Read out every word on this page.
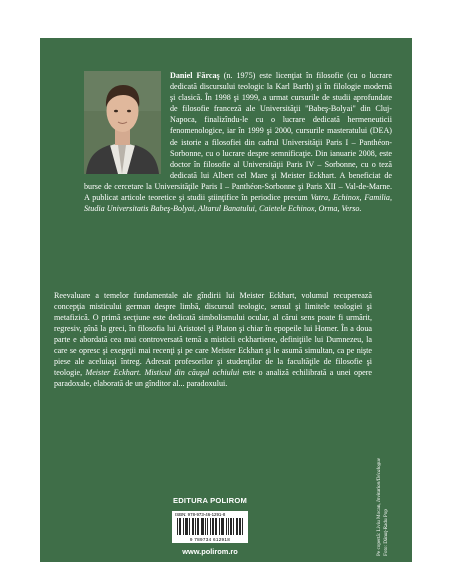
Daniel Fărcaş (n. 1975) este licenţiat în filosofie (cu o lucrare dedicată discursului teologic la Karl Barth) şi în filologie modernă şi clasică. În 1998 şi 1999, a urmat cursurile de studii aprofundate de filosofie franceză ale Universităţii "Babeş-Bolyai" din Cluj-Napoca, finalizîndu-le cu o lucrare dedicată hermeneuticii fenomenologice, iar în 1999 şi 2000, cursurile masteratului (DEA) de istorie a filosofiei din cadrul Universităţii Paris I – Panthéon-Sorbonne, cu o lucrare despre semnificaţie. Din ianuarie 2008, este doctor în filosofie al Universităţii Paris IV – Sorbonne, cu o teză dedicată lui Albert cel Mare şi Meister Eckhart. A beneficiat de burse de cercetare la Universităţile Paris I – Panthéon-Sorbonne şi Paris XII – Val-de-Marne. A publicat articole teoretice şi studii ştiinţifice în periodice precum Vatra, Echinox, Familia, Studia Universitatis Babeş-Bolyai, Altarul Banatului, Caietele Echinox, Orma, Verso.

Reevaluare a temelor fundamentale ale gîndirii lui Meister Eckhart, volumul recuperează concepţia misticului german despre limbă, discursul teologic, sensul şi limitele teologiei şi metafizică. O primă secţiune este dedicată simbolismului ocular, al cărui sens poate fi urmărit, regresiv, pînă la greci, în filosofia lui Aristotel şi Platon şi chiar în epopeile lui Homer. În a doua parte e abordată cea mai controversată temă a misticii eckhartiene, definiţiile lui Dumnezeu, la care se opresc şi exegeţii mai recenţi şi pe care Meister Eckhart şi le asumă simultan, ca pe nişte piese ale aceluiaşi întreg. Adresat profesorilor şi studenţilor de la facultăţile de filosofie şi teologie, Meister Eckhart. Misticul din căuşul ochiului este o analiză echilibrată a unei opere paradoxale, elaborată de un gînditor al... paradoxului.

EDITURA POLIROM
ISBN: 978-973-46-1291-8
9 789734 612918
www.polirom.ro	Pe copertă: Liviu Mocan, Invitation/Décalogue
Foto: Dănuţ-Radu Pop
